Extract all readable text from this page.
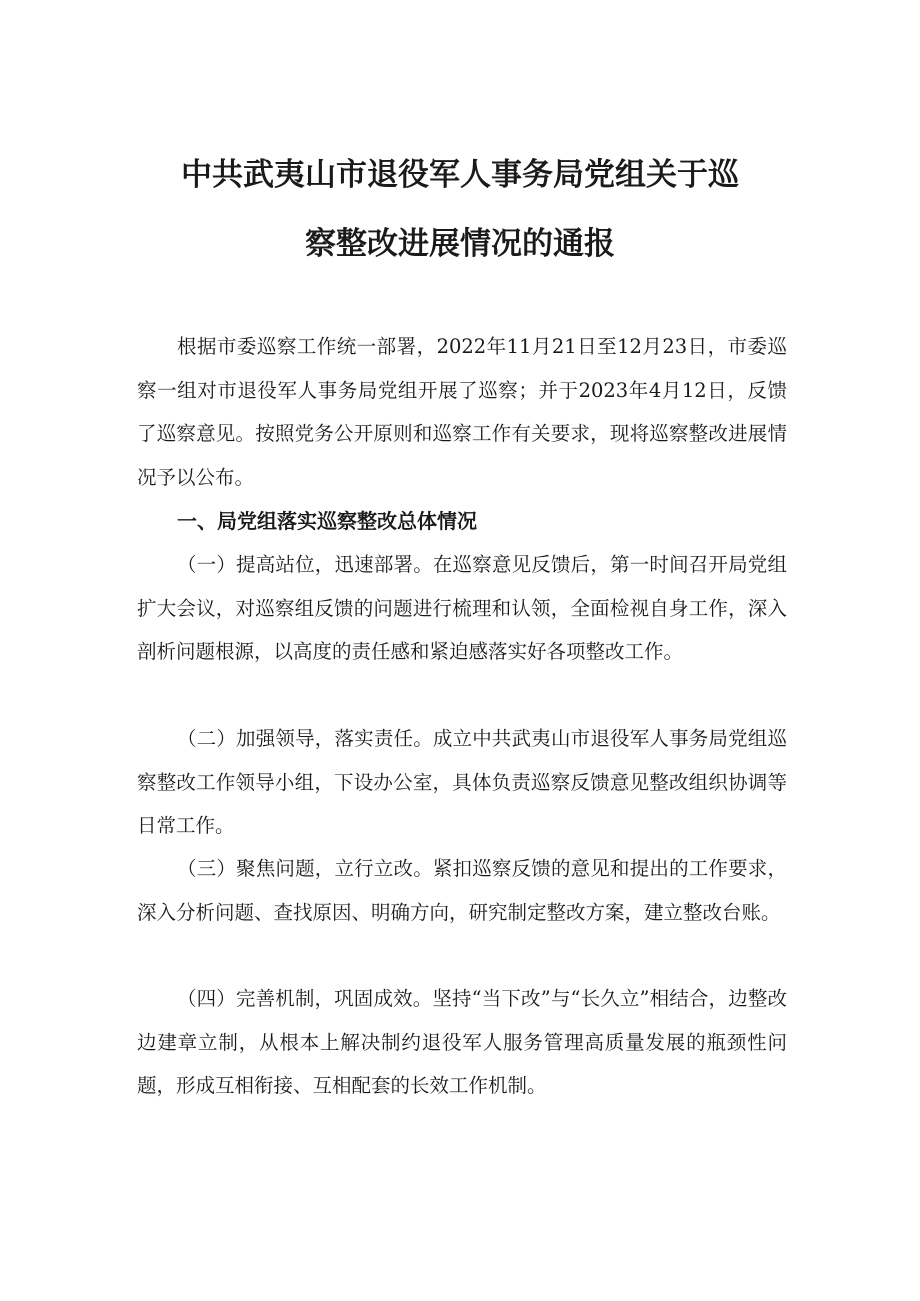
中共武夷山市退役军人事务局党组关于巡
察整改进展情况的通报

根据市委巡察工作统一部署，2022年11月21日至12月23日，市委巡察一组对市退役军人事务局党组开展了巡察；并于2023年4月12日，反馈了巡察意见。按照党务公开原则和巡察工作有关要求，现将巡察整改进展情况予以公布。

一、局党组落实巡察整改总体情况

（一）提高站位，迅速部署。在巡察意见反馈后，第一时间召开局党组扩大会议，对巡察组反馈的问题进行梳理和认领，全面检视自身工作，深入剖析问题根源，以高度的责任感和紧迫感落实好各项整改工作。

（二）加强领导，落实责任。成立中共武夷山市退役军人事务局党组巡察整改工作领导小组，下设办公室，具体负责巡察反馈意见整改组织协调等日常工作。

（三）聚焦问题，立行立改。紧扣巡察反馈的意见和提出的工作要求，深入分析问题、查找原因、明确方向，研究制定整改方案，建立整改台账。

（四）完善机制，巩固成效。坚持“当下改”与“长久立”相结合，边整改边建章立制，从根本上解决制约退役军人服务管理高质量发展的瓶颈性问题，形成互相衔接、互相配套的长效工作机制。
